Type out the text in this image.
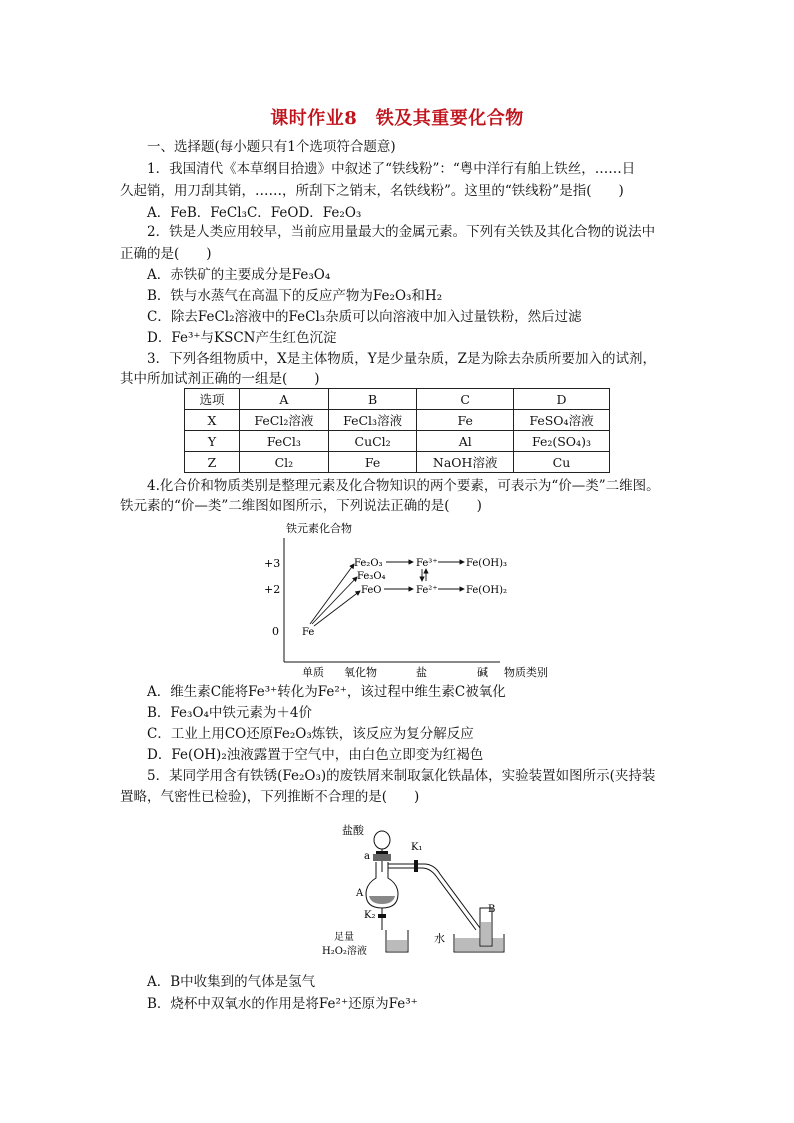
课时作业8　铁及其重要化合物
一、选择题(每小题只有1个选项符合题意)
1．我国清代《本草纲目拾遗》中叙述了“铁线粉”：“粤中洋行有舶上铁丝，……日
久起销，用刀刮其销，……，所刮下之销末，名铁线粉”。这里的“铁线粉”是指(　　)
A．FeB．FeCl₃C．FeOD．Fe₂O₃
2．铁是人类应用较早，当前应用量最大的金属元素。下列有关铁及其化合物的说法中
正确的是(　　)
A．赤铁矿的主要成分是Fe₃O₄
B．铁与水蒸气在高温下的反应产物为Fe₂O₃和H₂
C．除去FeCl₂溶液中的FeCl₃杂质可以向溶液中加入过量铁粉，然后过滤
D．Fe³⁺与KSCN产生红色沉淀
3．下列各组物质中，X是主体物质，Y是少量杂质，Z是为除去杂质所要加入的试剂，
其中所加试剂正确的一组是(　　)
选项	A	B	C	D
X	FeCl₂溶液	FeCl₃溶液	Fe	FeSO₄溶液
Y	FeCl₃	CuCl₂	Al	Fe₂(SO₄)₃
Z	Cl₂	Fe	NaOH溶液	Cu
4.化合价和物质类别是整理元素及化合物知识的两个要素，可表示为“价—类”二维图。
铁元素的“价—类”二维图如图所示，下列说法正确的是(　　)
铁元素化合物
+3
+2
0
单质 氧化物	盐	碱 物质类别
Fe
Fe₂O₃
Fe₃O₄
FeO
Fe³⁺
Fe²⁺
Fe(OH)₃
Fe(OH)₂
A．维生素C能将Fe³⁺转化为Fe²⁺，该过程中维生素C被氧化
B．Fe₃O₄中铁元素为＋4价
C．工业上用CO还原Fe₂O₃炼铁，该反应为复分解反应
D．Fe(OH)₂浊液露置于空气中，由白色立即变为红褐色
5．某同学用含有铁锈(Fe₂O₃)的废铁屑来制取氯化铁晶体，实验装置如图所示(夹持装
置略，气密性已检验)，下列推断不合理的是(　　)
盐酸
a
A
K₁
K₂
B
水
足量
H₂O₂溶液
A．B中收集到的气体是氢气
B．烧杯中双氧水的作用是将Fe²⁺还原为Fe³⁺
